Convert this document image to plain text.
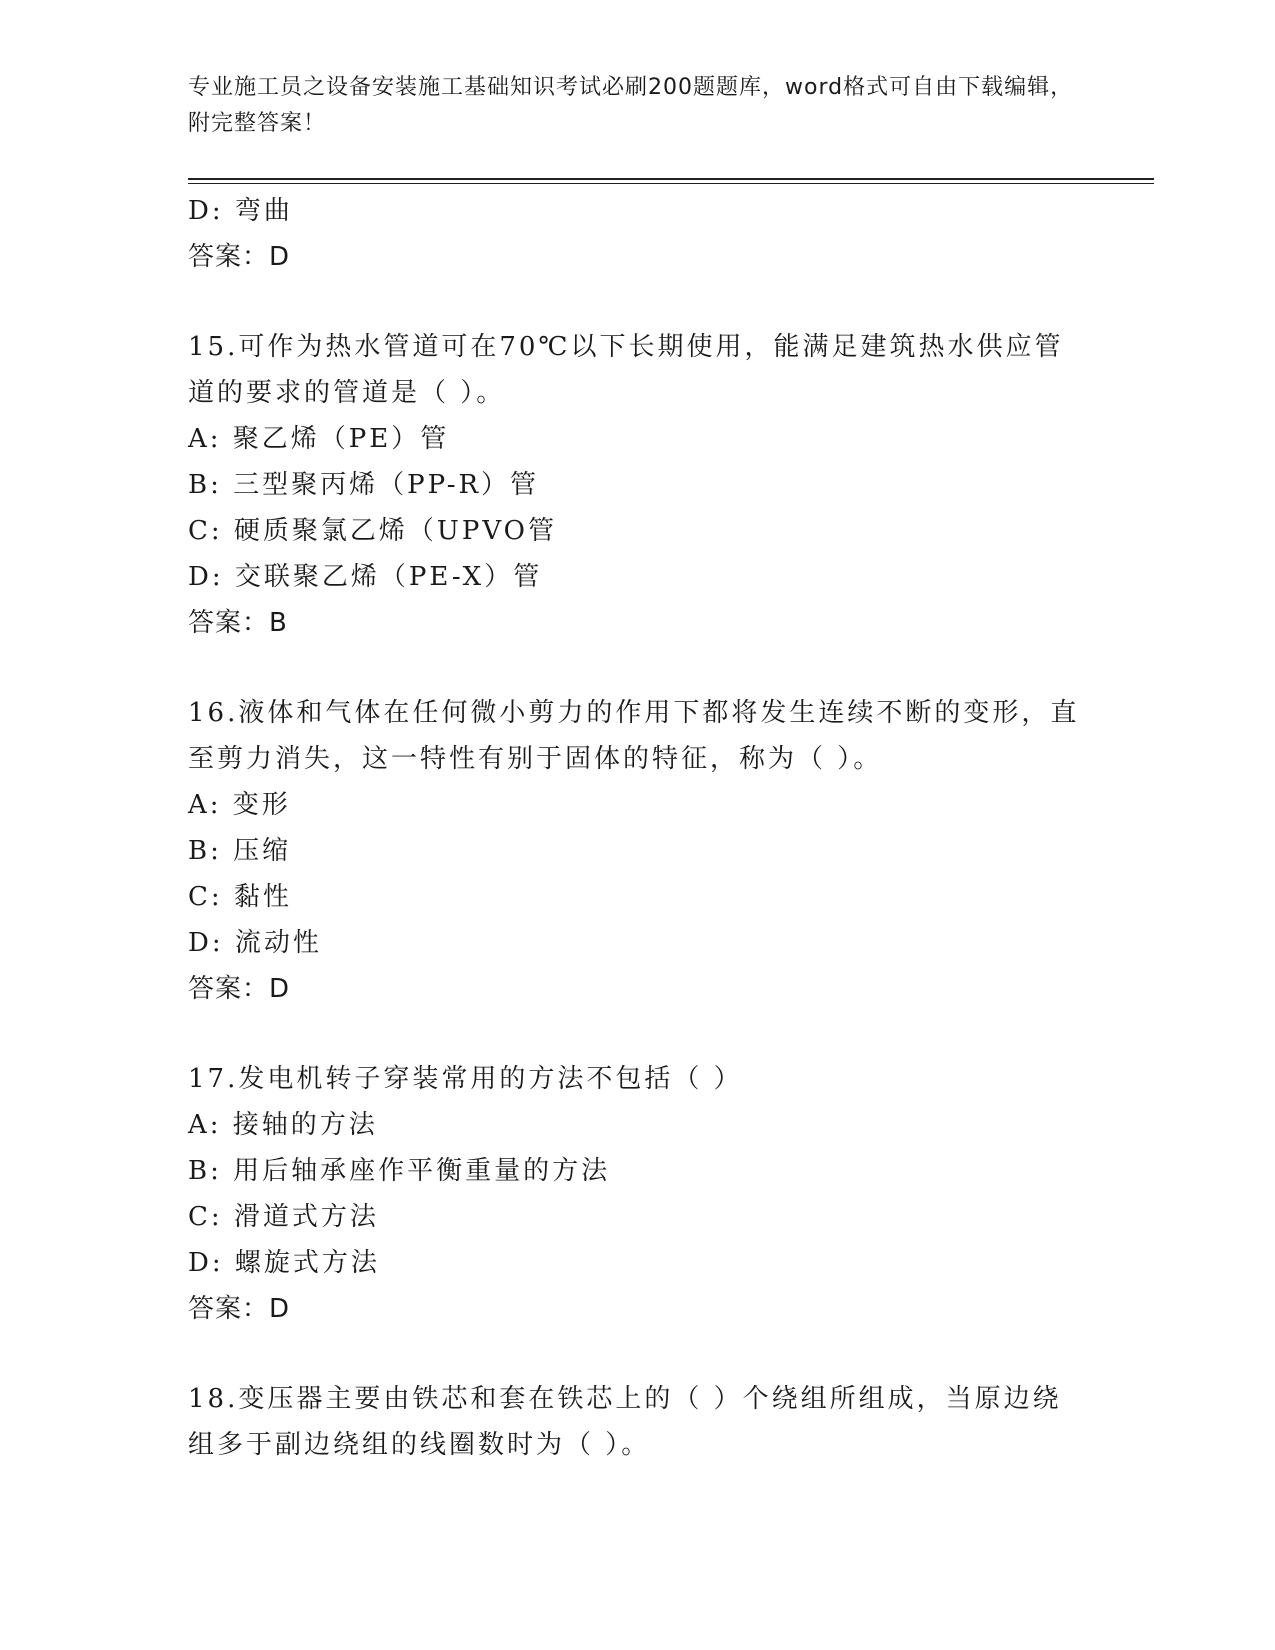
专业施工员之设备安装施工基础知识考试必刷200题题库，word格式可自由下载编辑，附完整答案！
D: 弯曲
答案：D
15.可作为热水管道可在70℃以下长期使用，能满足建筑热水供应管道的要求的管道是（ ）。
A: 聚乙烯（PE）管
B: 三型聚丙烯（PP-R）管
C: 硬质聚氯乙烯（UPVO管
D: 交联聚乙烯（PE-X）管
答案：B
16.液体和气体在任何微小剪力的作用下都将发生连续不断的变形，直至剪力消失，这一特性有别于固体的特征，称为（ ）。
A: 变形
B: 压缩
C: 黏性
D: 流动性
答案：D
17.发电机转子穿装常用的方法不包括（ ）
A: 接轴的方法
B: 用后轴承座作平衡重量的方法
C: 滑道式方法
D: 螺旋式方法
答案：D
18.变压器主要由铁芯和套在铁芯上的（ ）个绕组所组成，当原边绕组多于副边绕组的线圈数时为（ ）。
